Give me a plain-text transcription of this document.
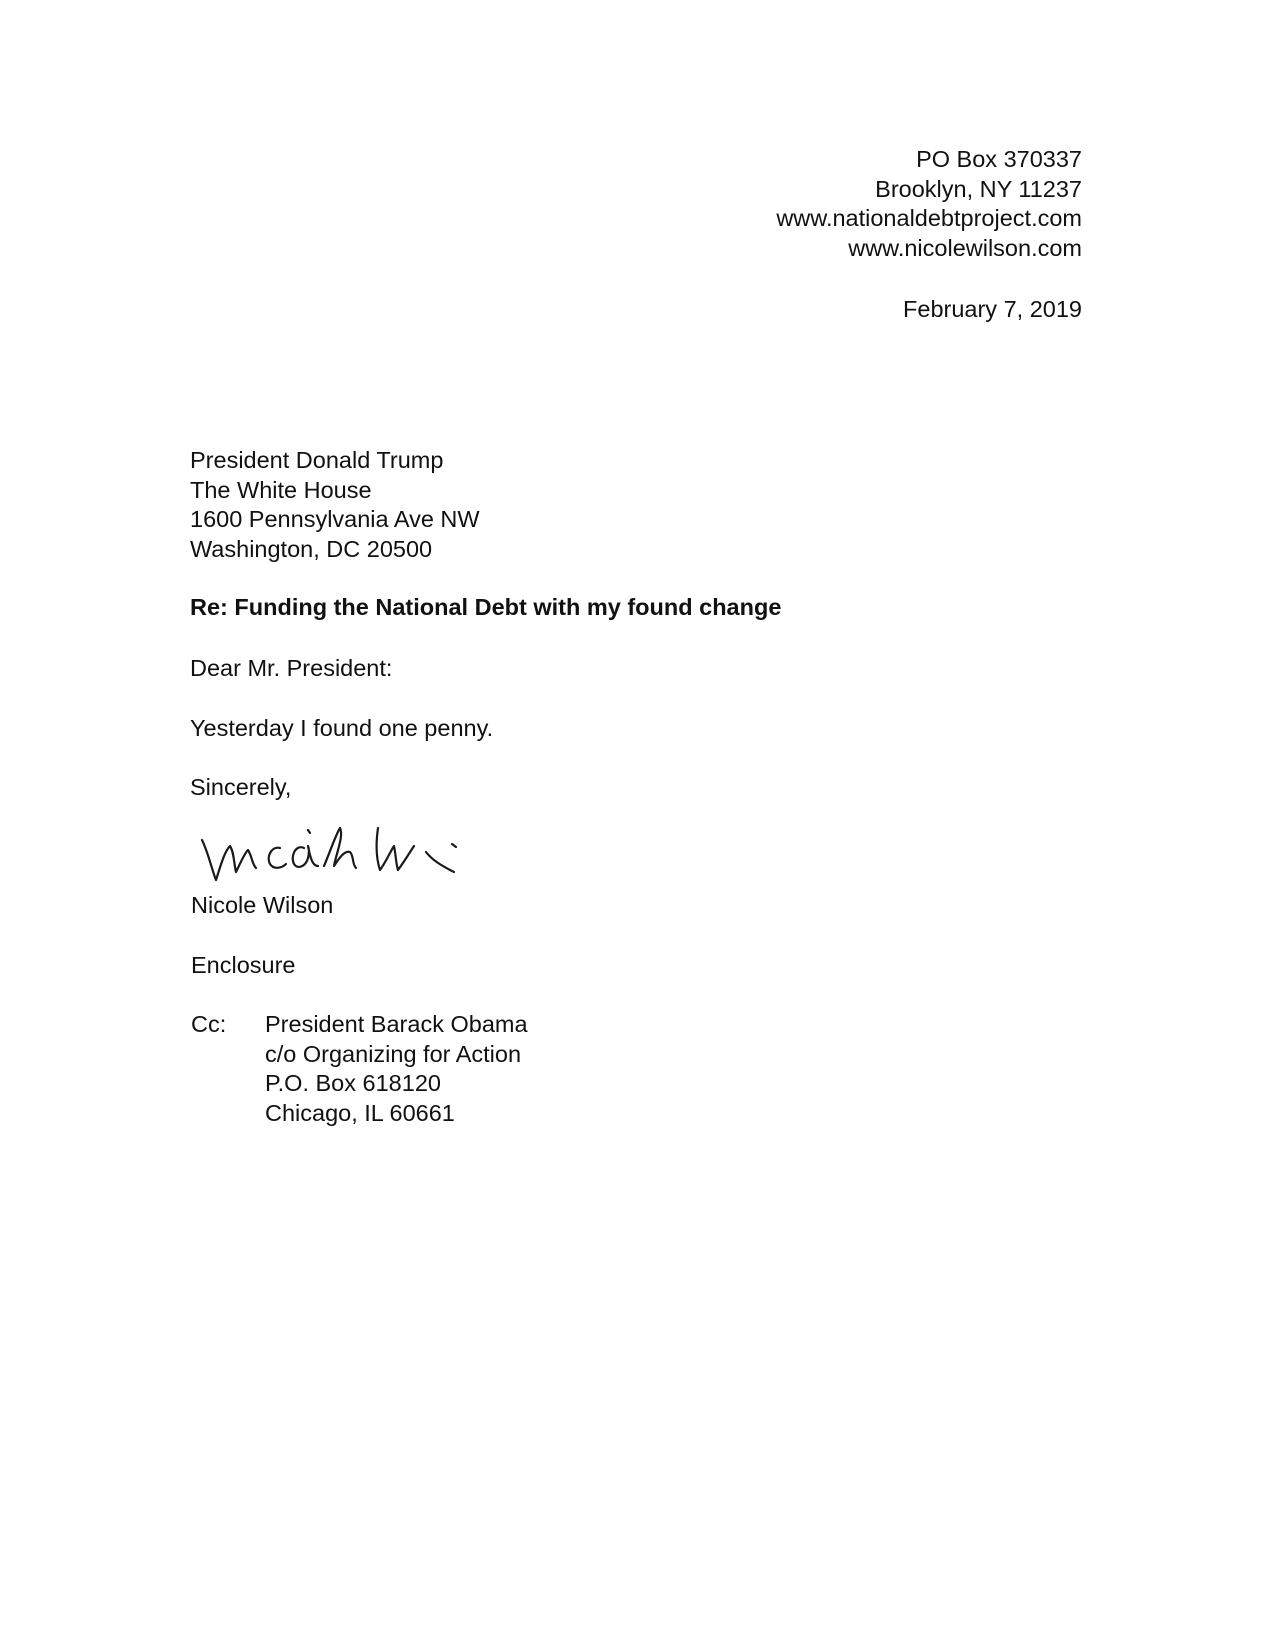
PO Box 370337
Brooklyn, NY 11237
www.nationaldebtproject.com
www.nicolewilson.com
February 7, 2019
President Donald Trump
The White House
1600 Pennsylvania Ave NW
Washington, DC 20500
Re: Funding the National Debt with my found change
Dear Mr. President:
Yesterday I found one penny.
Sincerely,
Nicole Wilson
Enclosure
Cc: President Barack Obama
c/o Organizing for Action
P.O. Box 618120
Chicago, IL 60661
